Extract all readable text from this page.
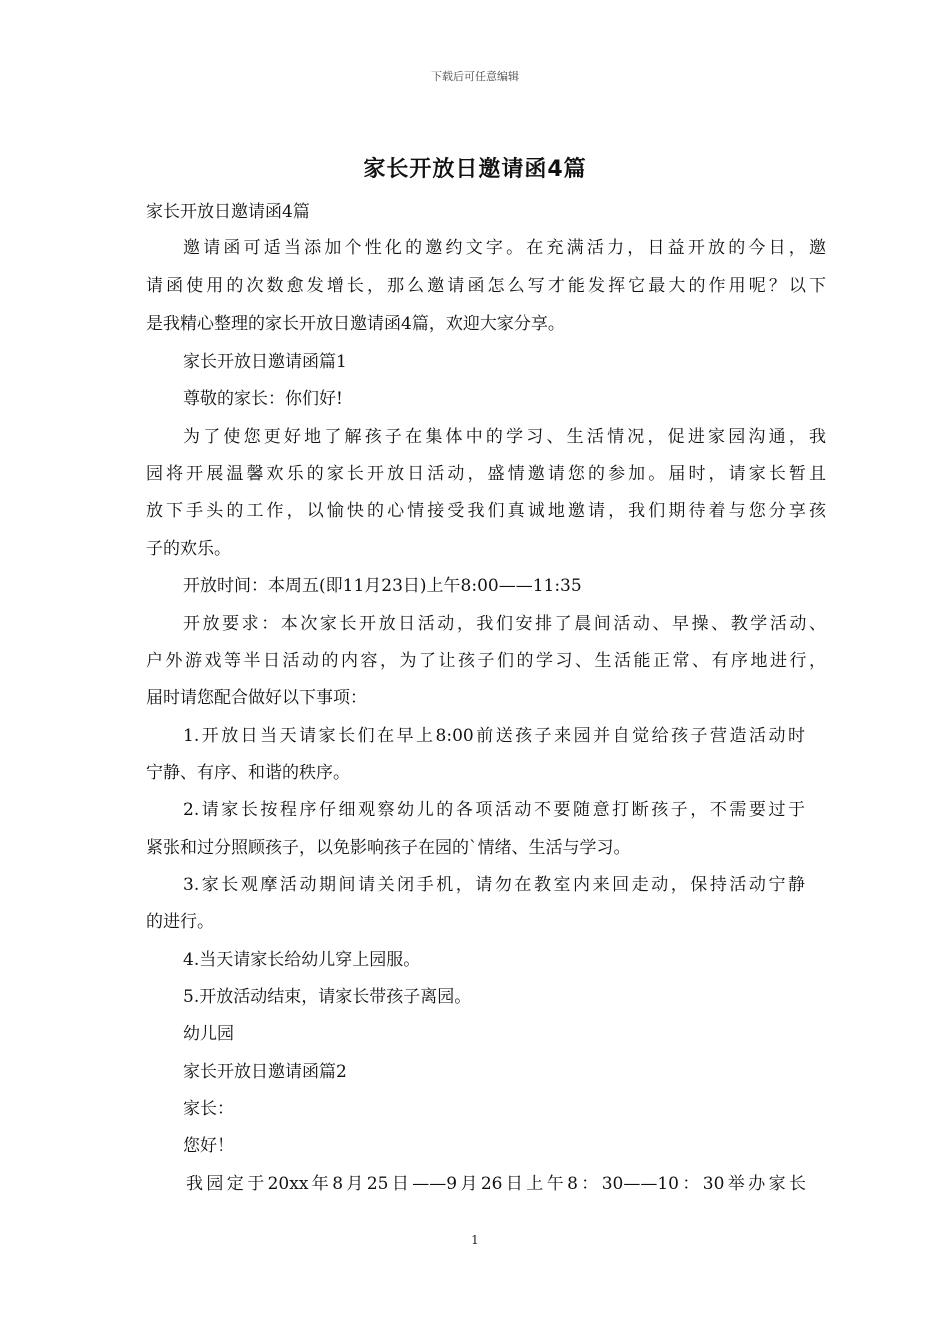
下载后可任意编辑
家长开放日邀请函4篇
家长开放日邀请函4篇
邀请函可适当添加个性化的邀约文字。在充满活力，日益开放的今日，邀
请函使用的次数愈发增长，那么邀请函怎么写才能发挥它最大的作用呢？以下
是我精心整理的家长开放日邀请函4篇，欢迎大家分享。
家长开放日邀请函篇1
尊敬的家长：你们好!
为了使您更好地了解孩子在集体中的学习、生活情况，促进家园沟通，我
园将开展温馨欢乐的家长开放日活动，盛情邀请您的参加。届时，请家长暂且
放下手头的工作，以愉快的心情接受我们真诚地邀请，我们期待着与您分享孩
子的欢乐。
开放时间：本周五(即11月23日)上午8:00——11:35
开放要求：本次家长开放日活动，我们安排了晨间活动、早操、教学活动、
户外游戏等半日活动的内容，为了让孩子们的学习、生活能正常、有序地进行，
届时请您配合做好以下事项：
1.开放日当天请家长们在早上8:00前送孩子来园并自觉给孩子营造活动时
宁静、有序、和谐的秩序。
2.请家长按程序仔细观察幼儿的各项活动不要随意打断孩子，不需要过于
紧张和过分照顾孩子，以免影响孩子在园的`情绪、生活与学习。
3.家长观摩活动期间请关闭手机，请勿在教室内来回走动，保持活动宁静
的进行。
4.当天请家长给幼儿穿上园服。
5.开放活动结束，请家长带孩子离园。
幼儿园
家长开放日邀请函篇2
家长：
您好！
我园定于20xx年8月25日——9月26日上午8：30——10：30举办家长
1
